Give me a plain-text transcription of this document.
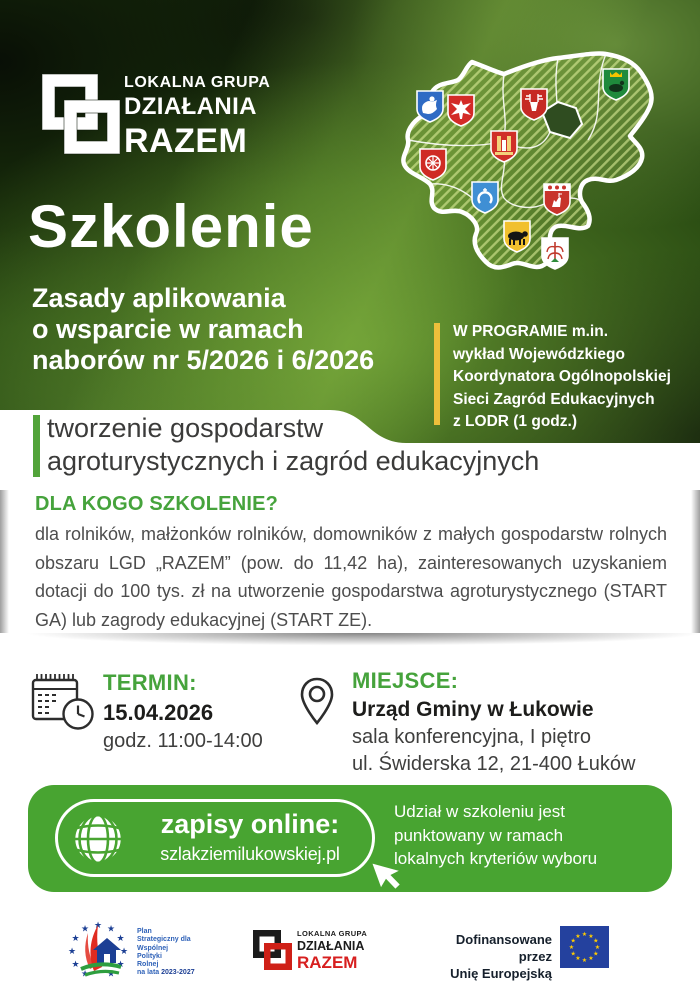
LOKALNA GRUPA
DZIAŁANIA
RAZEM
Szkolenie
Zasady aplikowania
o wsparcie w ramach
naborów nr 5/2026 i 6/2026
W PROGRAMIE m.in.
wykład Wojewódzkiego
Koordynatora Ogólnopolskiej
Sieci Zagród Edukacyjnych
z LODR (1 godz.)
tworzenie gospodarstw
agroturystycznych i zagród edukacyjnych
DLA KOGO SZKOLENIE?
dla rolników, małżonków rolników, domowników z małych gospodarstw rolnych obszaru LGD „RAZEM” (pow. do 11,42 ha), zainteresowanych uzyskaniem dotacji do 100 tys. zł na utworzenie gospodarstwa agroturystycznego (START GA) lub zagrody edukacyjnej (START ZE).
TERMIN:
15.04.2026
godz. 11:00-14:00
MIEJSCE:
Urząd Gminy w Łukowie
sala konferencyjna, I piętro
ul. Świderska 12, 21-400 Łuków
zapisy online:
szlakziemilukowskiej.pl
Udział w szkoleniu jest
punktowany w ramach
lokalnych kryteriów wyboru
★
★
★
★
★
★
★
★
★ ★
★
Plan
Strategiczny dla
Wspólnej
Polityki
Rolnej
na lata 2023-2027
LOKALNA GRUPA
DZIAŁANIA
RAZEM
Dofinansowane przez
Unię Europejską
★
★
★
★
★
★
★
★
★ ★ ★
★
